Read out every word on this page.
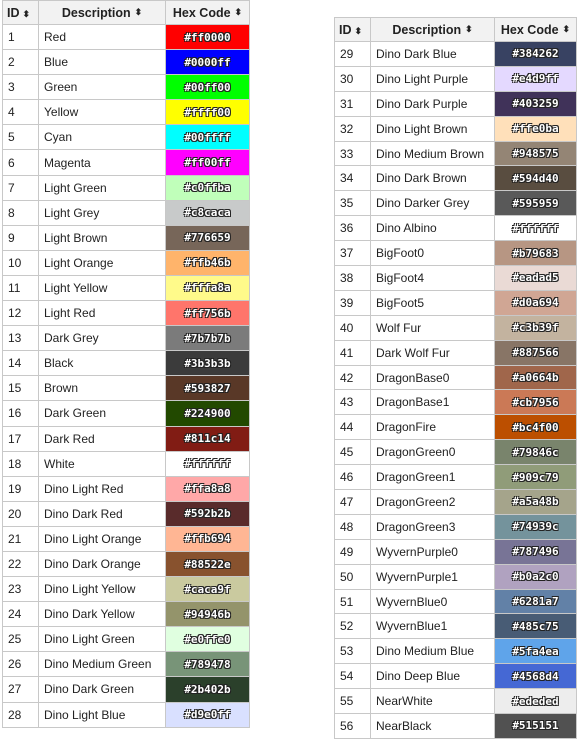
ID ⬍	Description ⬍	Hex Code ⬍

1	Red	#ff0000
2	Blue	#0000ff
3	Green	#00ff00
4	Yellow	#ffff00
5	Cyan	#00ffff
6	Magenta	#ff00ff
7	Light Green	#c0ffba
8	Light Grey	#c8caca
9	Light Brown	#776659
10	Light Orange	#ffb46b
11	Light Yellow	#fffa8a
12	Light Red	#ff756b
13	Dark Grey	#7b7b7b
14	Black	#3b3b3b
15	Brown	#593827
16	Dark Green	#224900
17	Dark Red	#811c14
18	White	#ffffff
19	Dino Light Red	#ffa8a8
20	Dino Dark Red	#592b2b
21	Dino Light Orange	#ffb694
22	Dino Dark Orange	#88522e
23	Dino Light Yellow	#caca9f
24	Dino Dark Yellow	#94946b
25	Dino Light Green	#e0ffe0
26	Dino Medium Green	#789478
27	Dino Dark Green	#2b402b
28	Dino Light Blue	#d9e0ff
ID ⬍	Description ⬍	Hex Code ⬍

29	Dino Dark Blue	#384262
30	Dino Light Purple	#e4d9ff
31	Dino Dark Purple	#403259
32	Dino Light Brown	#ffe0ba
33	Dino Medium Brown	#948575
34	Dino Dark Brown	#594d40
35	Dino Darker Grey	#595959
36	Dino Albino	#ffffff
37	BigFoot0	#b79683
38	BigFoot4	#eadad5
39	BigFoot5	#d0a694
40	Wolf Fur	#c3b39f
41	Dark Wolf Fur	#887566
42	DragonBase0	#a0664b
43	DragonBase1	#cb7956
44	DragonFire	#bc4f00
45	DragonGreen0	#79846c
46	DragonGreen1	#909c79
47	DragonGreen2	#a5a48b
48	DragonGreen3	#74939c
49	WyvernPurple0	#787496
50	WyvernPurple1	#b0a2c0
51	WyvernBlue0	#6281a7
52	WyvernBlue1	#485c75
53	Dino Medium Blue	#5fa4ea
54	Dino Deep Blue	#4568d4
55	NearWhite	#ededed
56	NearBlack	#515151
